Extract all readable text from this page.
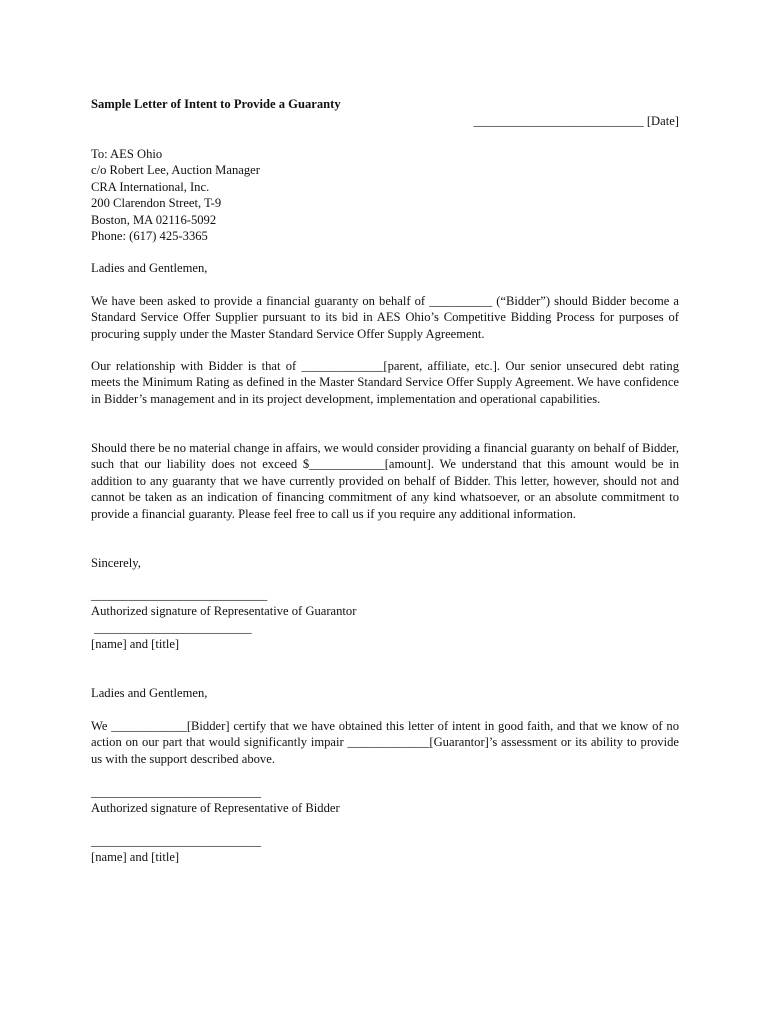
Sample Letter of Intent to Provide a Guaranty
___________________________ [Date]
To: AES Ohio
c/o Robert Lee, Auction Manager
CRA International, Inc.
200 Clarendon Street, T-9
Boston, MA 02116-5092
Phone: (617) 425-3365
Ladies and Gentlemen,
We have been asked to provide a financial guaranty on behalf of __________ (“Bidder”) should Bidder become a Standard Service Offer Supplier pursuant to its bid in AES Ohio’s Competitive Bidding Process for purposes of procuring supply under the Master Standard Service Offer Supply Agreement.
Our relationship with Bidder is that of _____________[parent, affiliate, etc.]. Our senior unsecured debt rating meets the Minimum Rating as defined in the Master Standard Service Offer Supply Agreement. We have confidence in Bidder’s management and in its project development, implementation and operational capabilities.
Should there be no material change in affairs, we would consider providing a financial guaranty on behalf of Bidder, such that our liability does not exceed $____________[amount]. We understand that this amount would be in addition to any guaranty that we have currently provided on behalf of Bidder. This letter, however, should not and cannot be taken as an indication of financing commitment of any kind whatsoever, or an absolute commitment to provide a financial guaranty. Please feel free to call us if you require any additional information.
Sincerely,
____________________________
Authorized signature of Representative of Guarantor
_________________________
[name] and [title]
Ladies and Gentlemen,
We ____________[Bidder] certify that we have obtained this letter of intent in good faith, and that we know of no action on our part that would significantly impair _____________[Guarantor]’s assessment or its ability to provide us with the support described above.
___________________________
Authorized signature of Representative of Bidder
___________________________
[name] and [title]
